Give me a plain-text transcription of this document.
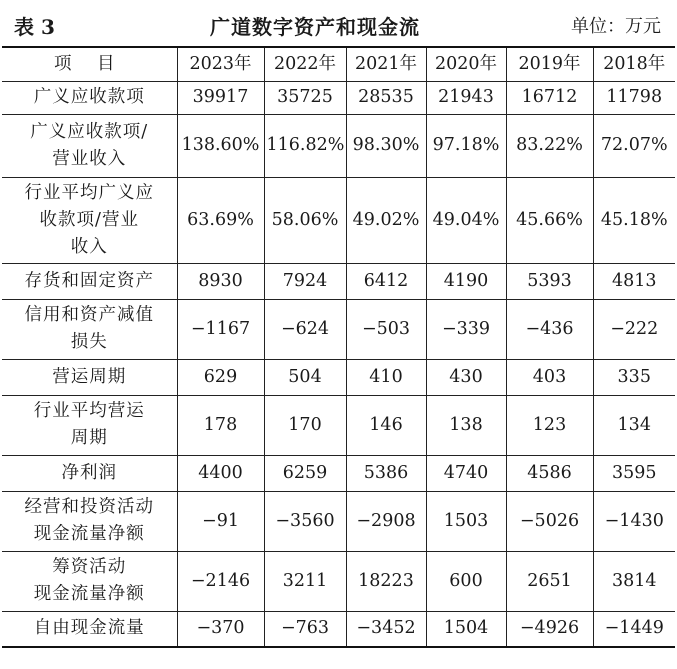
表 3	广道数字资产和现金流	单位：万元
项 目	2023年	2022年	2021年	2020年	2019年	2018年

广义应收款项	39917	35725	28535	21943	16712	11798

广义应收款项/
营业收入	138.60%	116.82%	98.30%	97.18%	83.22%	72.07%

行业平均广义应
收款项/营业
收入	63.69%	58.06%	49.02%	49.04%	45.66%	45.18%

存货和固定资产	8930	7924	6412	4190	5393	4813

信用和资产减值
损失	−1167	−624	−503	−339	−436	−222

营运周期	629	504	410	430	403	335

行业平均营运
周期	178	170	146	138	123	134

净利润	4400	6259	5386	4740	4586	3595

经营和投资活动
现金流量净额	−91	−3560	−2908	1503	−5026	−1430

筹资活动
现金流量净额	−2146	3211	18223	600	2651	3814

自由现金流量	−370	−763	−3452	1504	−4926	−1449
